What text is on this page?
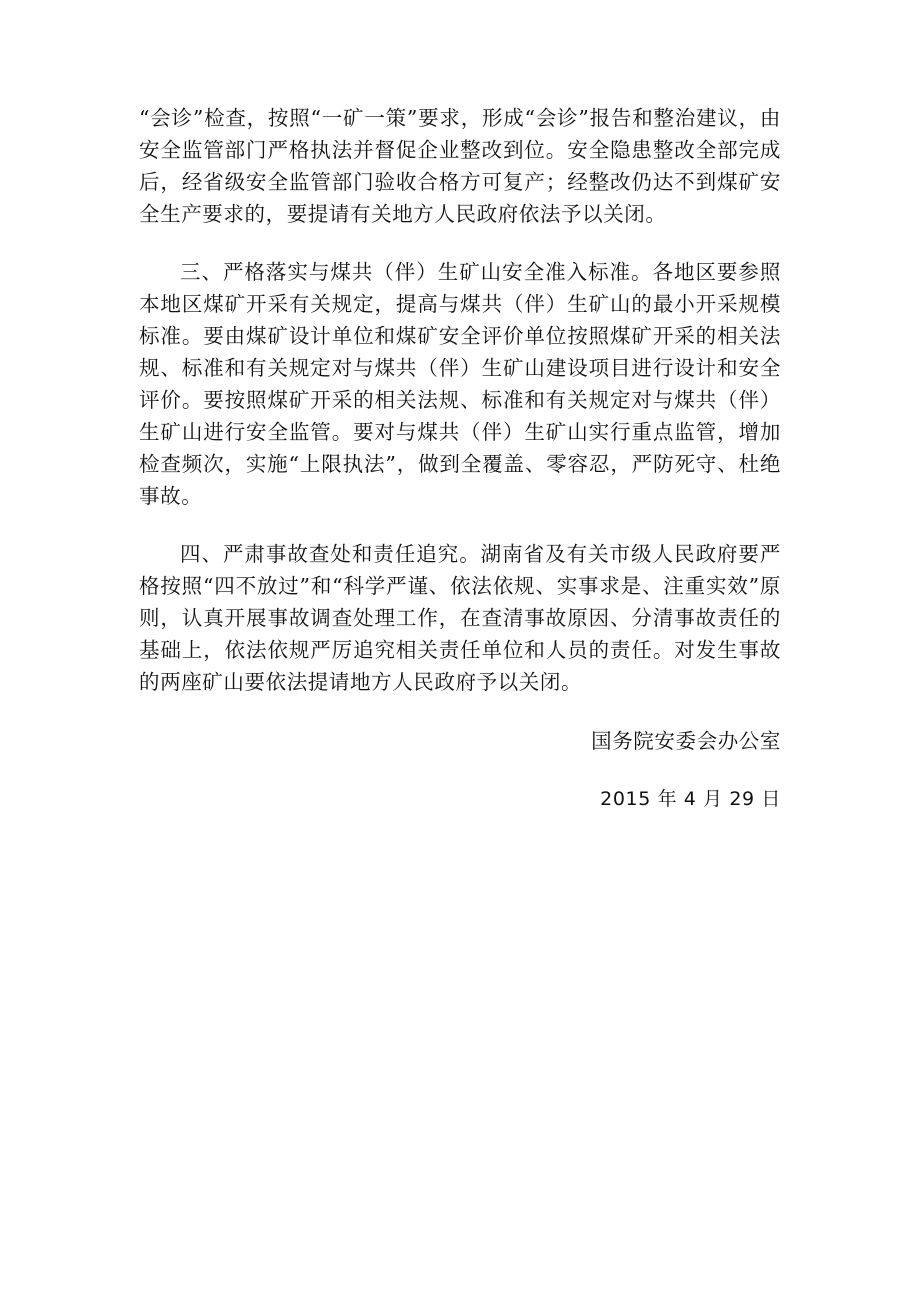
“会诊”检查，按照“一矿一策”要求，形成“会诊”报告和整治建议，由安全监管部门严格执法并督促企业整改到位。安全隐患整改全部完成后，经省级安全监管部门验收合格方可复产；经整改仍达不到煤矿安全生产要求的，要提请有关地方人民政府依法予以关闭。

三、严格落实与煤共（伴）生矿山安全准入标准。各地区要参照本地区煤矿开采有关规定，提高与煤共（伴）生矿山的最小开采规模标准。要由煤矿设计单位和煤矿安全评价单位按照煤矿开采的相关法规、标准和有关规定对与煤共（伴）生矿山建设项目进行设计和安全评价。要按照煤矿开采的相关法规、标准和有关规定对与煤共（伴）生矿山进行安全监管。要对与煤共（伴）生矿山实行重点监管，增加检查频次，实施“上限执法”，做到全覆盖、零容忍，严防死守、杜绝事故。

四、严肃事故查处和责任追究。湖南省及有关市级人民政府要严格按照“四不放过”和“科学严谨、依法依规、实事求是、注重实效”原则，认真开展事故调查处理工作，在查清事故原因、分清事故责任的基础上，依法依规严厉追究相关责任单位和人员的责任。对发生事故的两座矿山要依法提请地方人民政府予以关闭。

国务院安委会办公室

2015 年 4 月 29 日
